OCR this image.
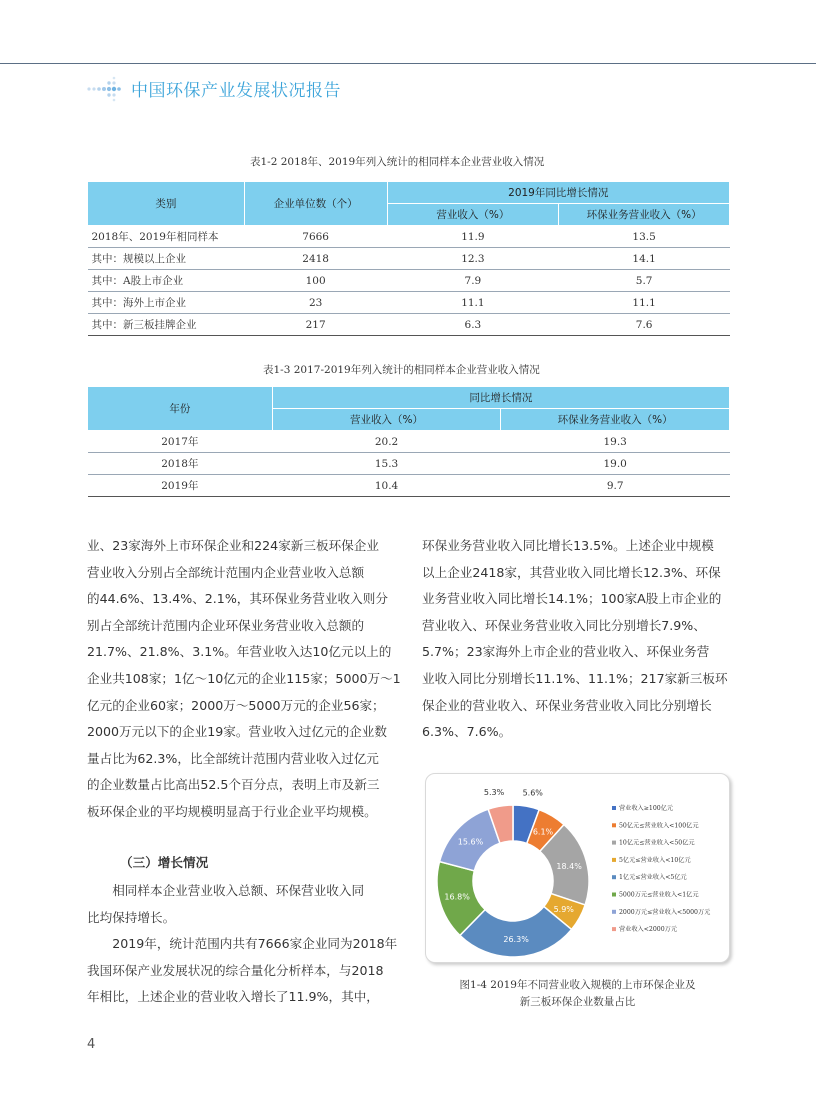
中国环保产业发展状况报告
表1-2 2018年、2019年列入统计的相同样本企业营业收入情况
类别	企业单位数（个）	2019年同比增长情况	
		营业收入（%）	环保业务营业收入（%）
2018年、2019年相同样本	7666	11.9	13.5
其中：规模以上企业	2418	12.3	14.1
其中：A股上市企业	100	7.9	5.7
其中：海外上市企业	23	11.1	11.1
其中：新三板挂牌企业	217	6.3	7.6
表1-3 2017-2019年列入统计的相同样本企业营业收入情况
年份	同比增长情况	
	营业收入（%）	环保业务营业收入（%）
2017年	20.2	19.3
2018年	15.3	19.0
2019年	10.4	9.7

业、23家海外上市环保企业和224家新三板环保企业

营业收入分别占全部统计范围内企业营业收入总额

的44.6%、13.4%、2.1%，其环保业务营业收入则分

别占全部统计范围内企业环保业务营业收入总额的

21.7%、21.8%、3.1%。年营业收入达10亿元以上的

企业共108家；1亿～10亿元的企业115家；5000万～1

亿元的企业60家；2000万～5000万元的企业56家；

2000万元以下的企业19家。营业收入过亿元的企业数

量占比为62.3%，比全部统计范围内营业收入过亿元

的企业数量占比高出52.5个百分点，表明上市及新三

板环保企业的平均规模明显高于行业企业平均规模。

（三）增长情况

　　相同样本企业营业收入总额、环保营业收入同

比均保持增长。

　　2019年，统计范围内共有7666家企业同为2018年

我国环保产业发展状况的综合量化分析样本，与2018

年相比，上述企业的营业收入增长了11.9%，其中，

环保业务营业收入同比增长13.5%。上述企业中规模

以上企业2418家，其营业收入同比增长12.3%、环保

业务营业收入同比增长14.1%；100家A股上市企业的

营业收入、环保业务营业收入同比分别增长7.9%、

5.7%；23家海外上市企业的营业收入、环保业务营

业收入同比分别增长11.1%、11.1%；217家新三板环

保企业的营业收入、环保业务营业收入同比分别增长

6.3%、7.6%。

5.6%
6.1%
18.4%
5.9%
26.3%
16.8%
15.6%
5.3%
营业收入≥100亿元
50亿元≤营业收入<100亿元
10亿元≤营业收入<50亿元
5亿元≤营业收入<10亿元
1亿元≤营业收入<5亿元
5000万元≤营业收入<1亿元
2000万元≤营业收入<5000万元
营业收入<2000万元
图1-4 2019年不同营业收入规模的上市环保企业及
新三板环保企业数量占比
4
